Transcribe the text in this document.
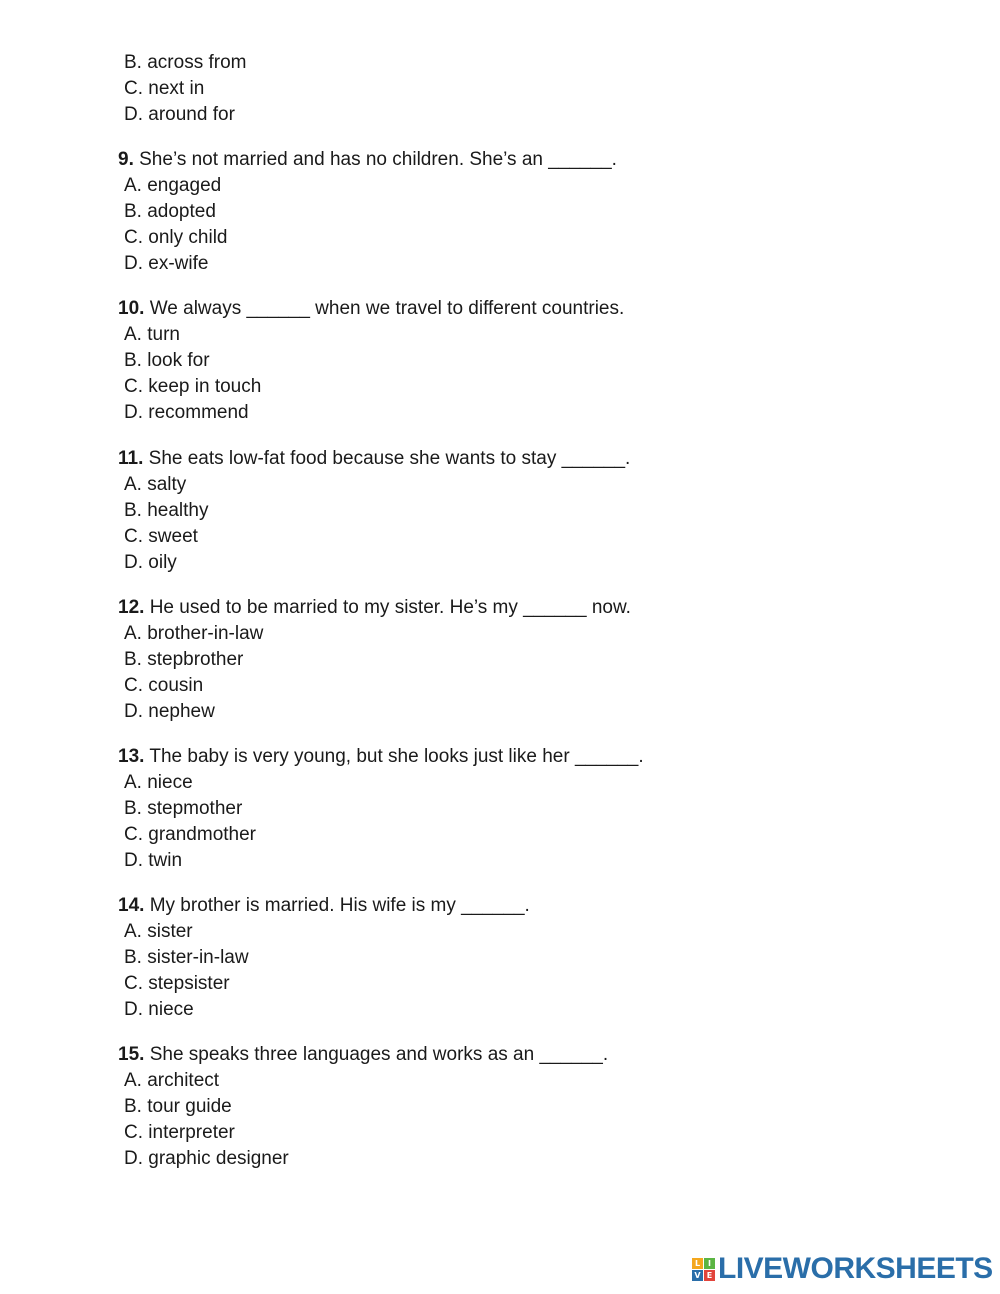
B. across from
C. next in
D. around for
9. She’s not married and has no children. She’s an ______.
A. engaged
B. adopted
C. only child
D. ex-wife
10. We always ______ when we travel to different countries.
A. turn
B. look for
C. keep in touch
D. recommend
11. She eats low-fat food because she wants to stay ______.
A. salty
B. healthy
C. sweet
D. oily
12. He used to be married to my sister. He’s my ______ now.
A. brother-in-law
B. stepbrother
C. cousin
D. nephew
13. The baby is very young, but she looks just like her ______.
A. niece
B. stepmother
C. grandmother
D. twin
14. My brother is married. His wife is my ______.
A. sister
B. sister-in-law
C. stepsister
D. niece
15. She speaks three languages and works as an ______.
A. architect
B. tour guide
C. interpreter
D. graphic designer
L I
V E LIVEWORKSHEETS
